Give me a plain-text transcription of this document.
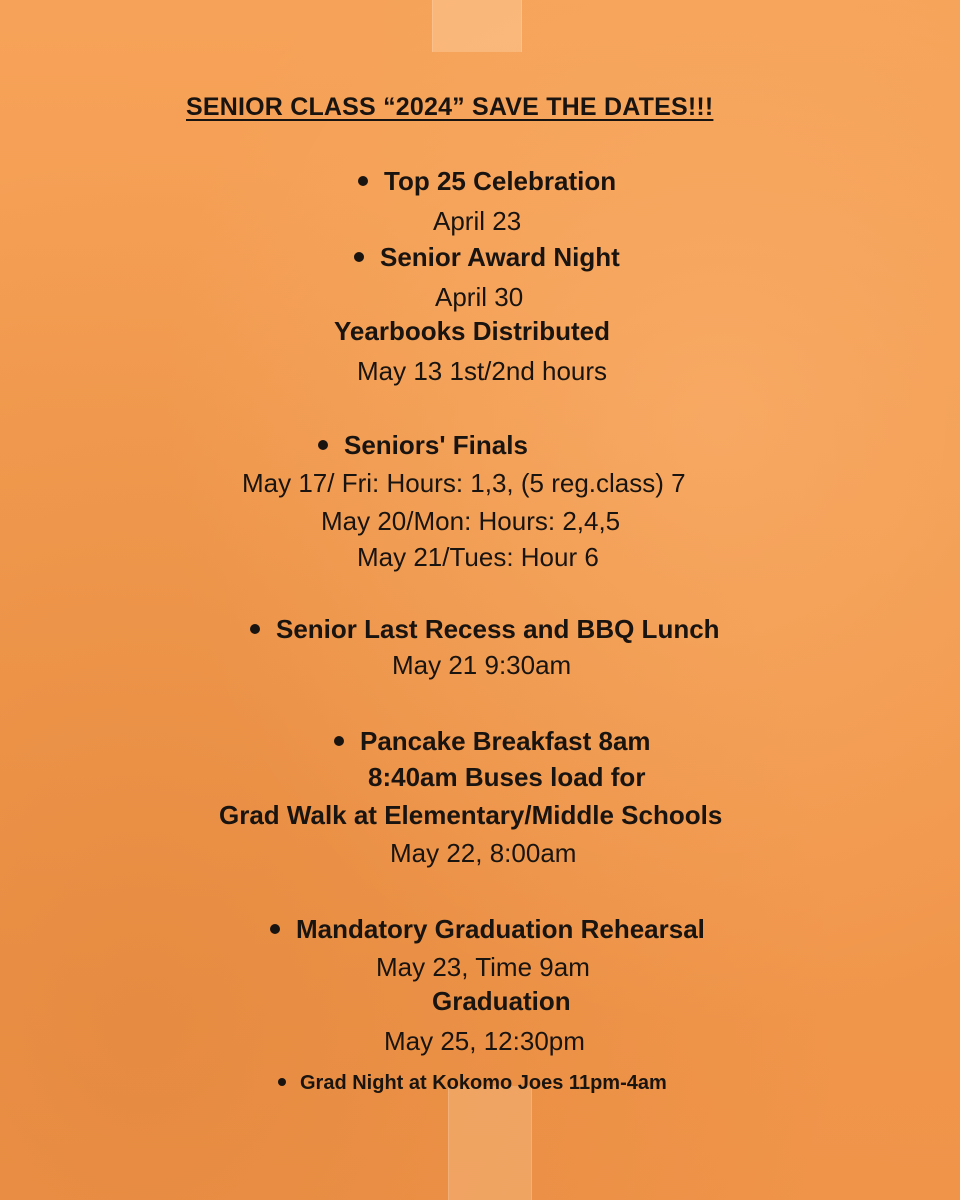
SENIOR CLASS “2024” SAVE THE DATES!!!
Top 25 Celebration
April 23
Senior Award Night
April 30
Yearbooks Distributed
May 13 1st/2nd hours
Seniors' Finals
May 17/ Fri: Hours: 1,3, (5 reg.class) 7
May 20/Mon: Hours: 2,4,5
May 21/Tues: Hour 6
Senior Last Recess and BBQ Lunch
May 21 9:30am
Pancake Breakfast 8am
8:40am Buses load for
Grad Walk at Elementary/Middle Schools
May 22, 8:00am
Mandatory Graduation Rehearsal
May 23, Time 9am
Graduation
May 25, 12:30pm
Grad Night at Kokomo Joes 11pm-4am
